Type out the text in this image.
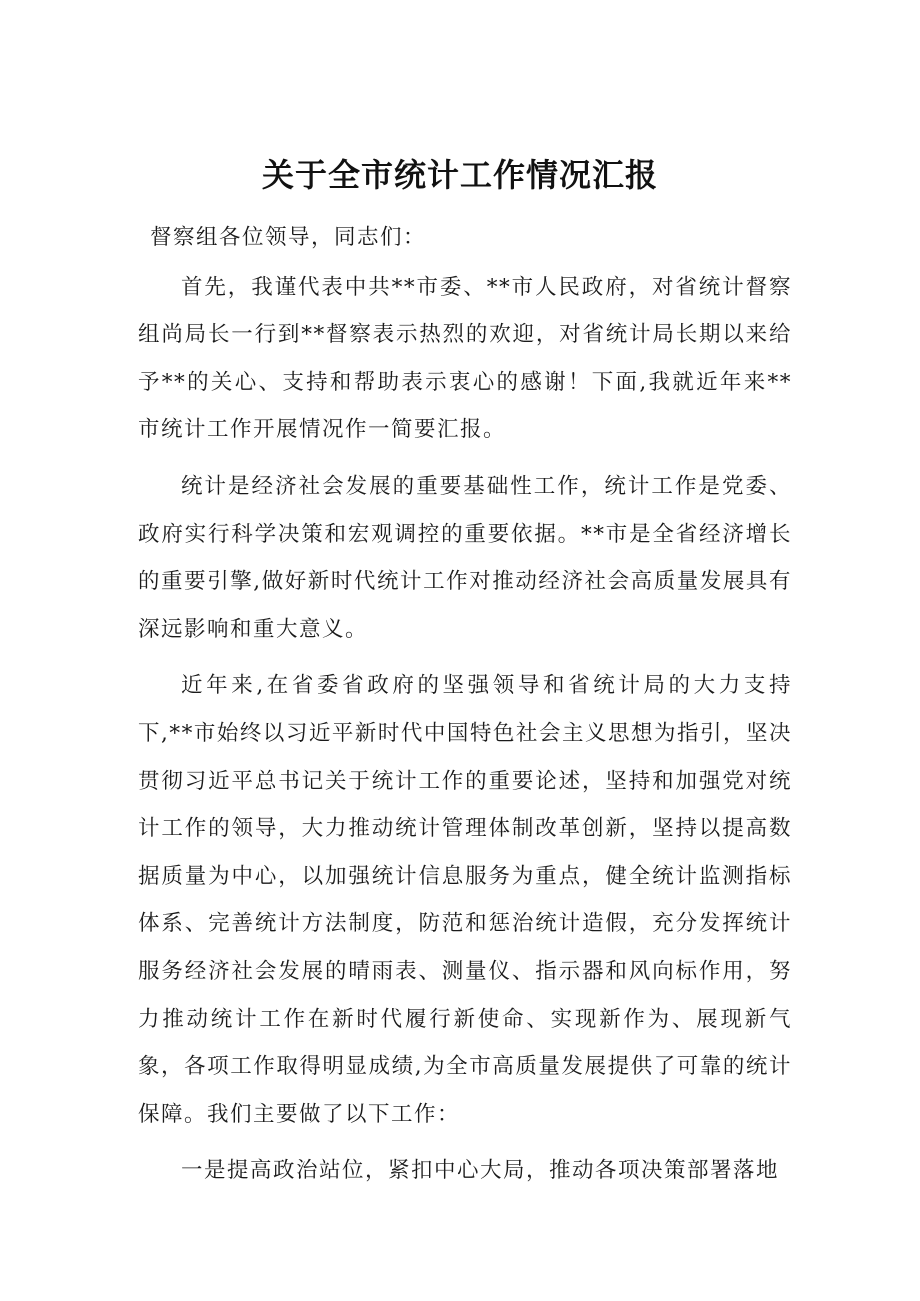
关于全市统计工作情况汇报

督察组各位领导，同志们：

首先，我谨代表中共**市委、**市人民政府，对省统计督察组尚局长一行到**督察表示热烈的欢迎，对省统计局长期以来给予**的关心、支持和帮助表示衷心的感谢！下面,我就近年来**市统计工作开展情况作一简要汇报。

统计是经济社会发展的重要基础性工作，统计工作是党委、政府实行科学决策和宏观调控的重要依据。**市是全省经济增长的重要引擎,做好新时代统计工作对推动经济社会高质量发展具有深远影响和重大意义。

近年来,在省委省政府的坚强领导和省统计局的大力支持下,**市始终以习近平新时代中国特色社会主义思想为指引，坚决贯彻习近平总书记关于统计工作的重要论述，坚持和加强党对统计工作的领导，大力推动统计管理体制改革创新，坚持以提高数据质量为中心，以加强统计信息服务为重点，健全统计监测指标体系、完善统计方法制度，防范和惩治统计造假，充分发挥统计服务经济社会发展的晴雨表、测量仪、指示器和风向标作用，努力推动统计工作在新时代履行新使命、实现新作为、展现新气象，各项工作取得明显成绩,为全市高质量发展提供了可靠的统计保障。我们主要做了以下工作：

一是提高政治站位，紧扣中心大局，推动各项决策部署落地
